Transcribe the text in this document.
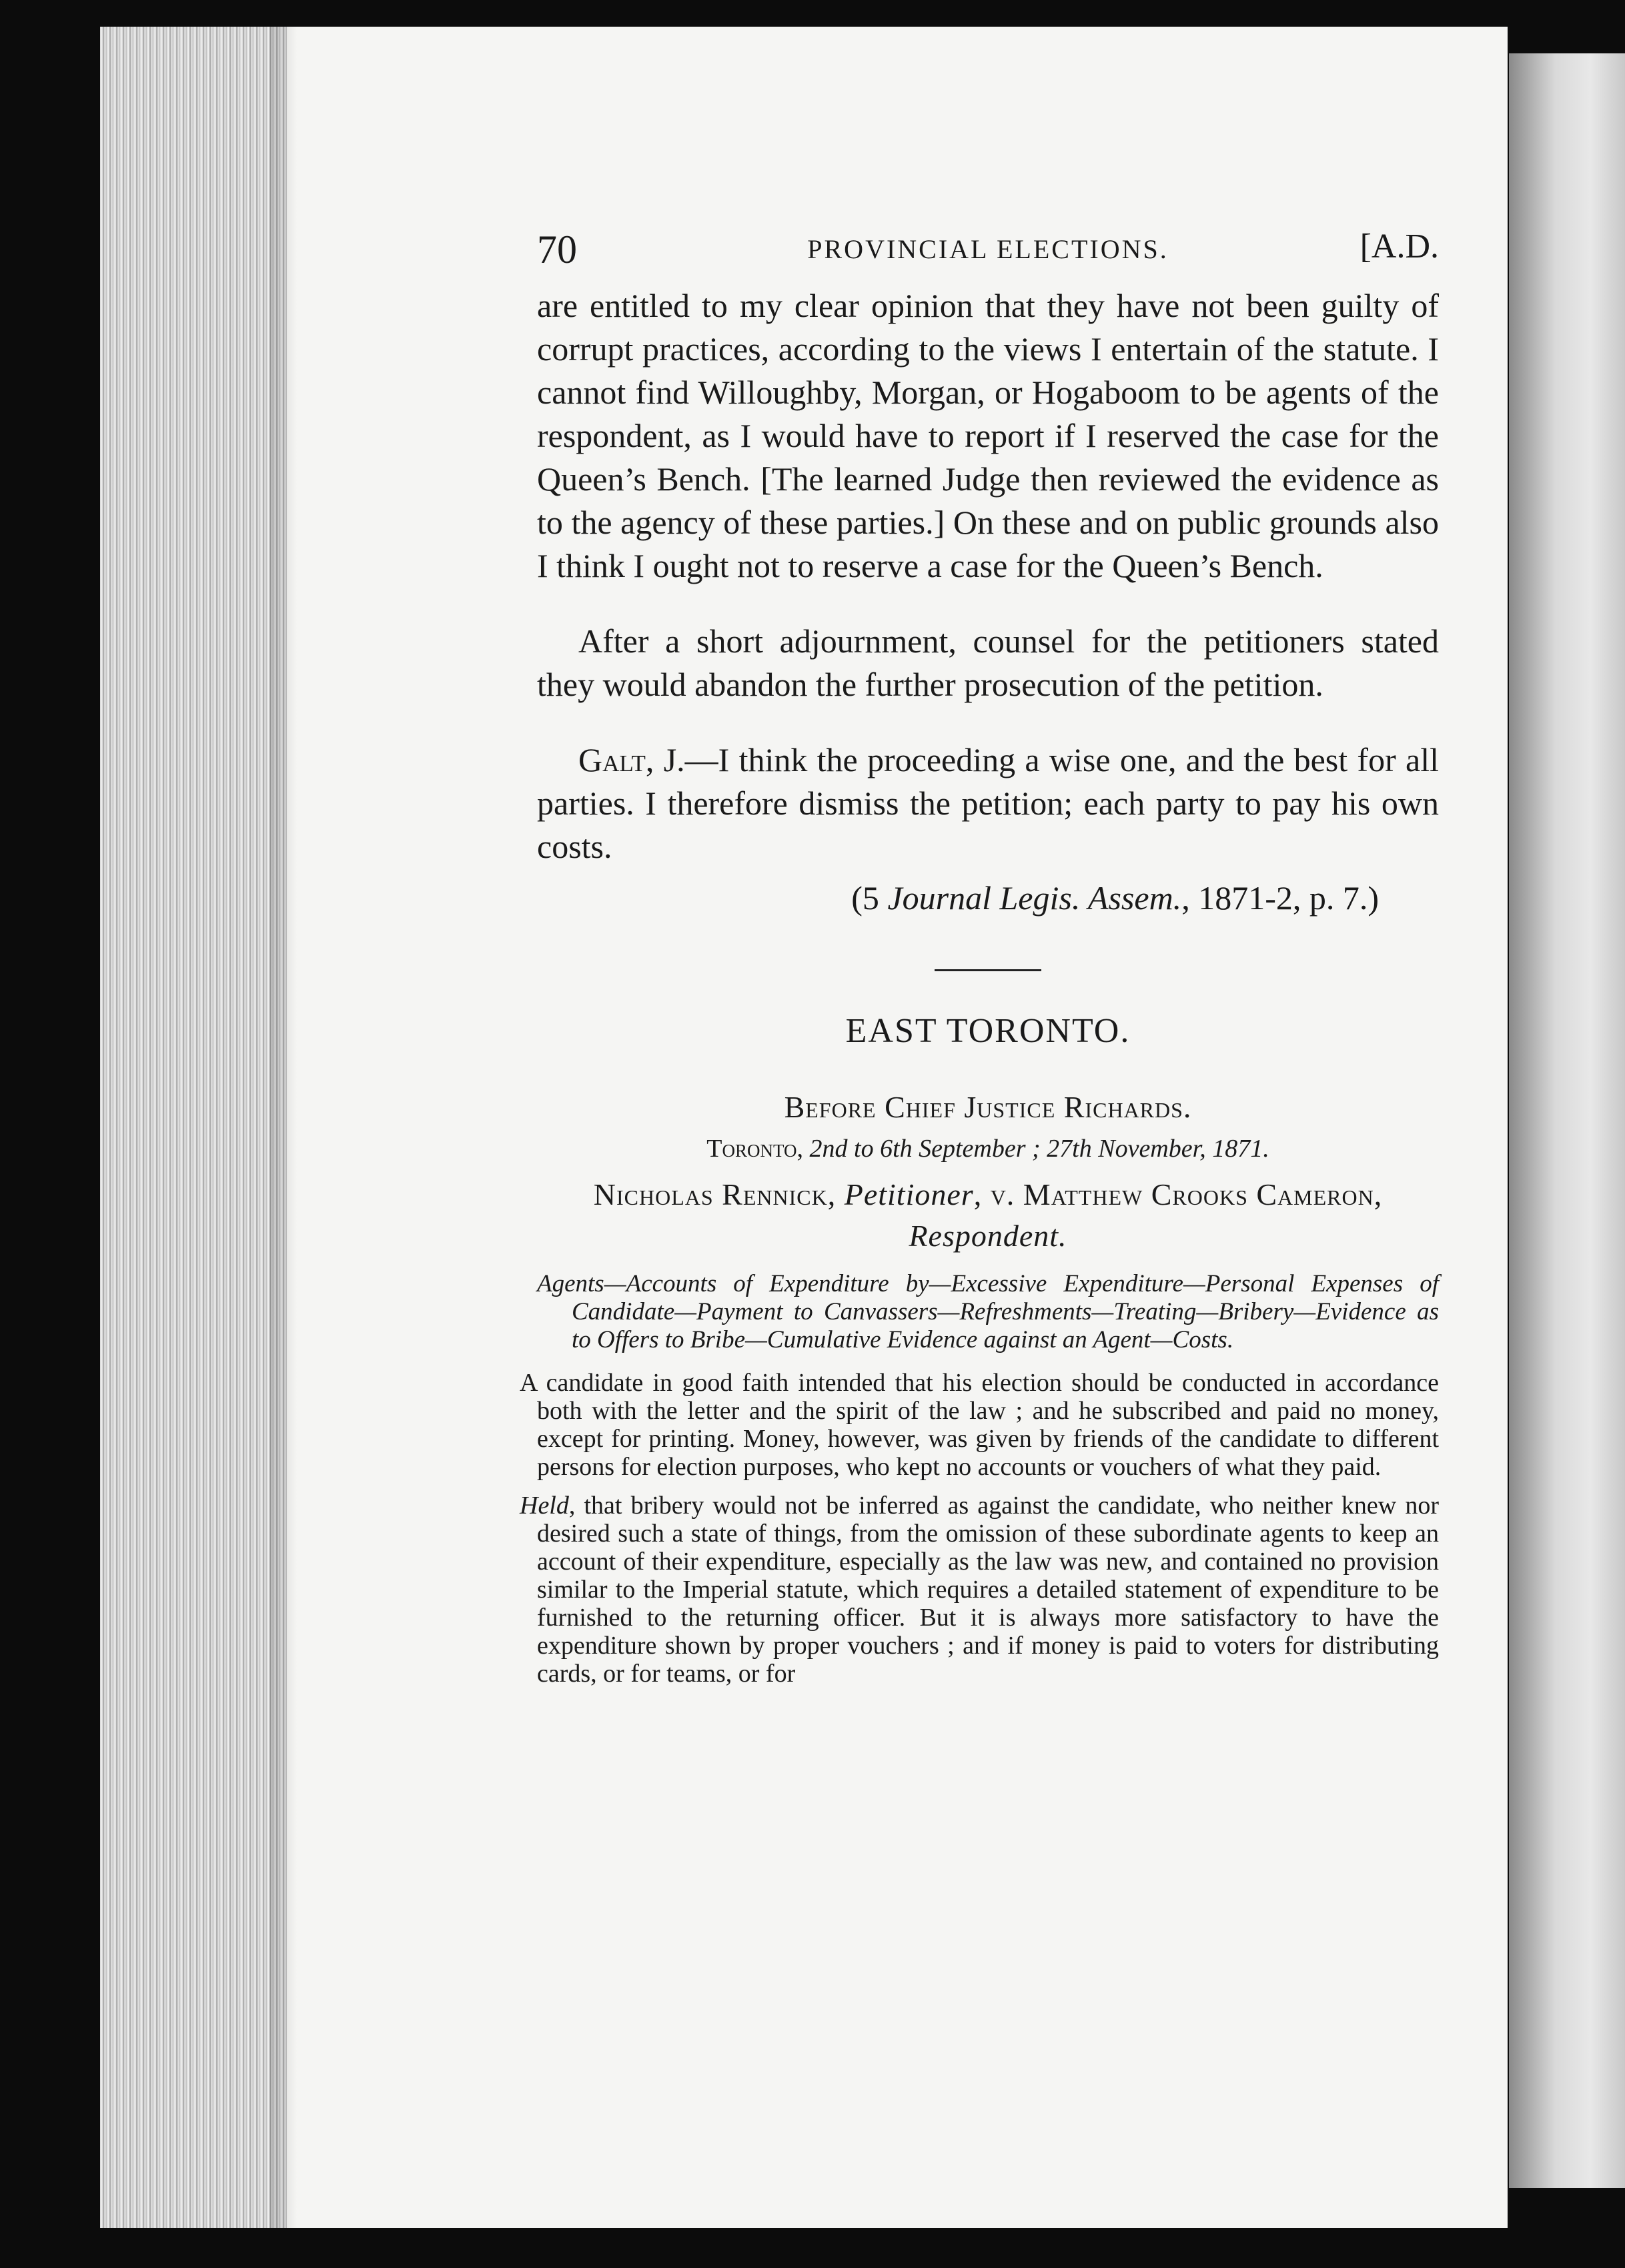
70	PROVINCIAL ELECTIONS.	[A.D.

are entitled to my clear opinion that they have not been guilty of corrupt practices, according to the views I entertain of the statute. I cannot find Willoughby, Morgan, or Hogaboom to be agents of the respondent, as I would have to report if I reserved the case for the Queen’s Bench. [The learned Judge then reviewed the evidence as to the agency of these parties.] On these and on public grounds also I think I ought not to reserve a case for the Queen’s Bench.

After a short adjournment, counsel for the petitioners stated they would abandon the further prosecution of the petition.

Galt, J.—I think the proceeding a wise one, and the best for all parties. I therefore dismiss the petition; each party to pay his own costs.

(5 Journal Legis. Assem., 1871-2, p. 7.)
EAST TORONTO.
Before Chief Justice Richards.
Toronto, 2nd to 6th September ; 27th November, 1871.
Nicholas Rennick, Petitioner, v. Matthew Crooks Cameron, Respondent.
Agents—Accounts of Expenditure by—Excessive Expenditure—Personal Expenses of Candidate—Payment to Canvassers—Refreshments—Treating—Bribery—Evidence as to Offers to Bribe—Cumulative Evidence against an Agent—Costs.
A candidate in good faith intended that his election should be conducted in accordance both with the letter and the spirit of the law ; and he subscribed and paid no money, except for printing. Money, however, was given by friends of the candidate to different persons for election purposes, who kept no accounts or vouchers of what they paid.
Held, that bribery would not be inferred as against the candidate, who neither knew nor desired such a state of things, from the omission of these subordinate agents to keep an account of their expenditure, especially as the law was new, and contained no provision similar to the Imperial statute, which requires a detailed statement of expenditure to be furnished to the returning officer. But it is always more satisfactory to have the expenditure shown by proper vouchers ; and if money is paid to voters for distributing cards, or for teams, or for
